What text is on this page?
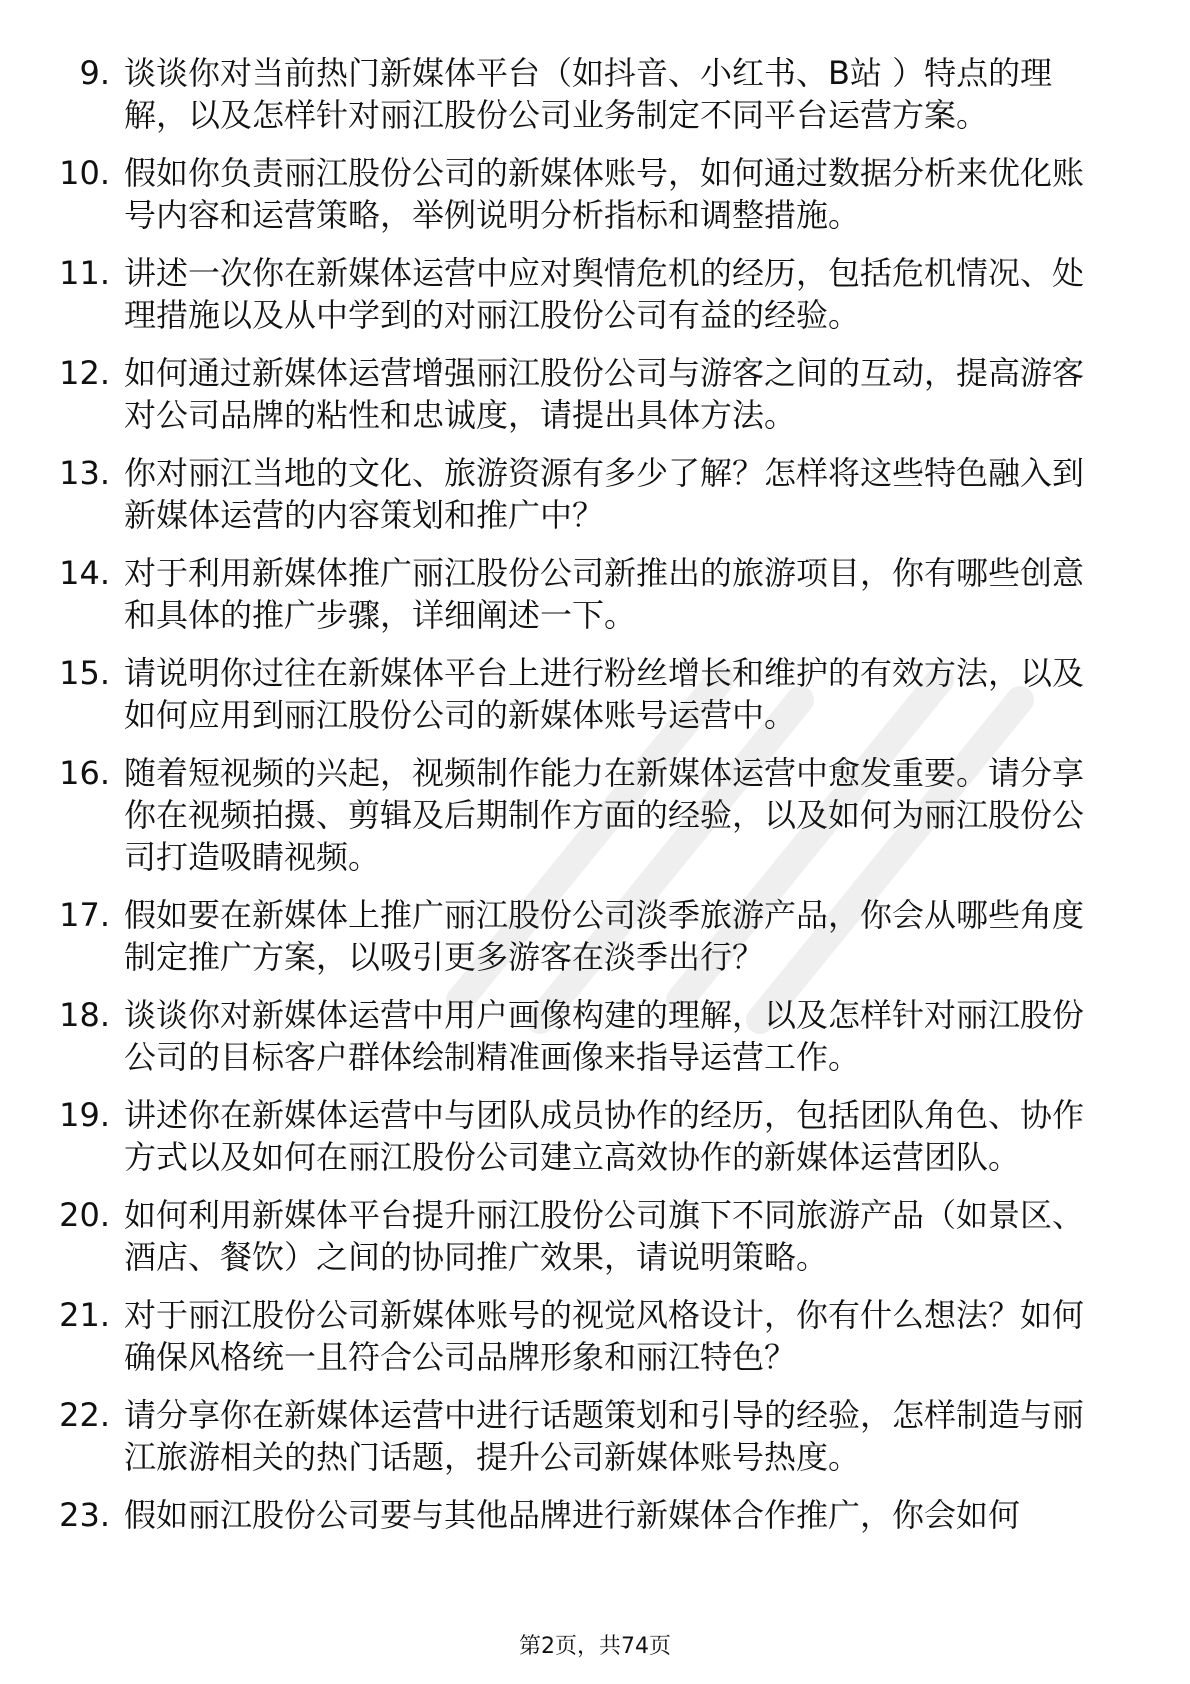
9. 谈谈你对当前热门新媒体平台（如抖音、小红书、B站 ）特点的理解，以及怎样针对丽江股份公司业务制定不同平台运营方案。
10. 假如你负责丽江股份公司的新媒体账号，如何通过数据分析来优化账号内容和运营策略，举例说明分析指标和调整措施。
11. 讲述一次你在新媒体运营中应对舆情危机的经历，包括危机情况、处理措施以及从中学到的对丽江股份公司有益的经验。
12. 如何通过新媒体运营增强丽江股份公司与游客之间的互动，提高游客对公司品牌的粘性和忠诚度，请提出具体方法。
13. 你对丽江当地的文化、旅游资源有多少了解？怎样将这些特色融入到新媒体运营的内容策划和推广中？
14. 对于利用新媒体推广丽江股份公司新推出的旅游项目，你有哪些创意和具体的推广步骤，详细阐述一下。
15. 请说明你过往在新媒体平台上进行粉丝增长和维护的有效方法，以及如何应用到丽江股份公司的新媒体账号运营中。
16. 随着短视频的兴起，视频制作能力在新媒体运营中愈发重要。请分享你在视频拍摄、剪辑及后期制作方面的经验，以及如何为丽江股份公司打造吸睛视频。
17. 假如要在新媒体上推广丽江股份公司淡季旅游产品，你会从哪些角度制定推广方案，以吸引更多游客在淡季出行？
18. 谈谈你对新媒体运营中用户画像构建的理解，以及怎样针对丽江股份公司的目标客户群体绘制精准画像来指导运营工作。
19. 讲述你在新媒体运营中与团队成员协作的经历，包括团队角色、协作方式以及如何在丽江股份公司建立高效协作的新媒体运营团队。
20. 如何利用新媒体平台提升丽江股份公司旗下不同旅游产品（如景区、酒店、餐饮）之间的协同推广效果，请说明策略。
21. 对于丽江股份公司新媒体账号的视觉风格设计，你有什么想法？如何确保风格统一且符合公司品牌形象和丽江特色？
22. 请分享你在新媒体运营中进行话题策划和引导的经验，怎样制造与丽江旅游相关的热门话题，提升公司新媒体账号热度。
23. 假如丽江股份公司要与其他品牌进行新媒体合作推广，你会如何
第2页，共74页
